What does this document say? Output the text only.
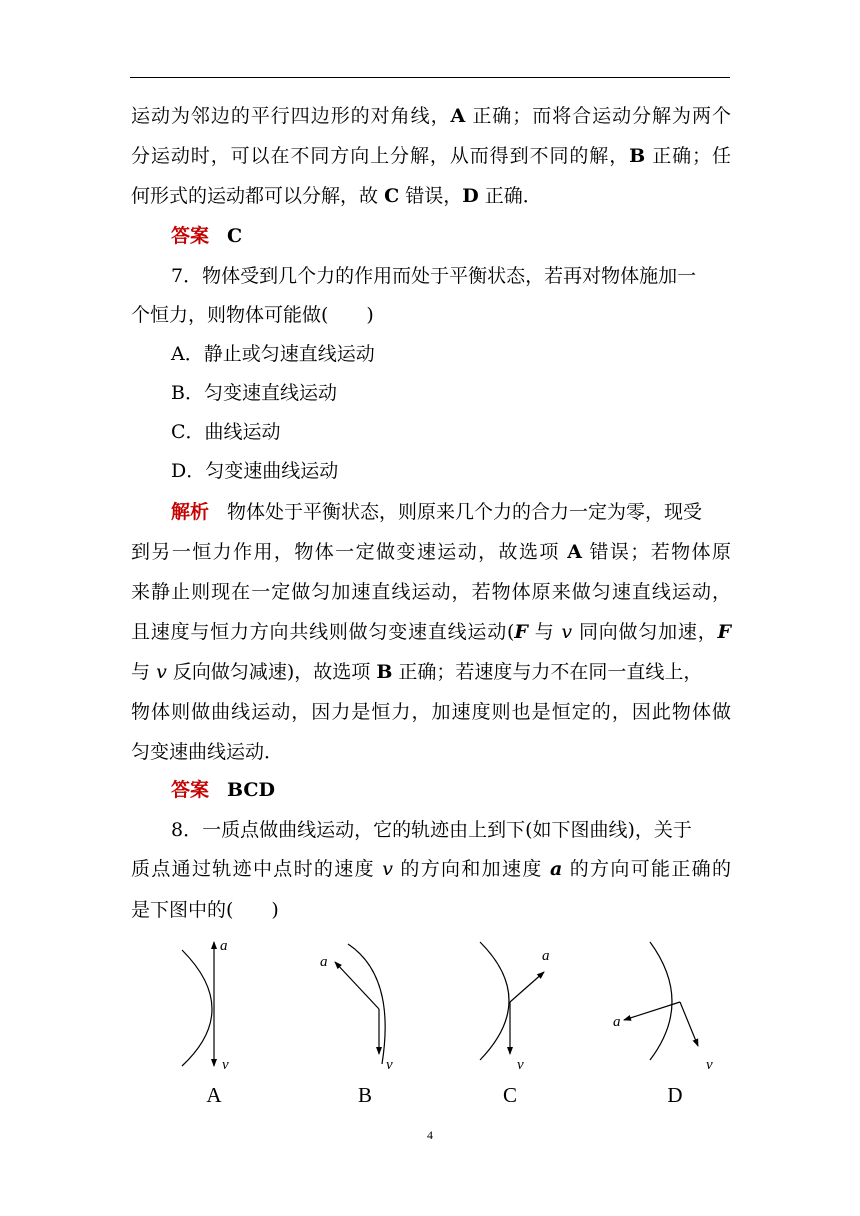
运动为邻边的平行四边形的对角线，A 正确；而将合运动分解为两个
分运动时，可以在不同方向上分解，从而得到不同的解，B 正确；任
何形式的运动都可以分解，故 C 错误，D 正确．
答案 C
7．物体受到几个力的作用而处于平衡状态，若再对物体施加一
个恒力，则物体可能做(　　)
A．静止或匀速直线运动
B．匀变速直线运动
C．曲线运动
D．匀变速曲线运动
解析 物体处于平衡状态，则原来几个力的合力一定为零，现受
到另一恒力作用，物体一定做变速运动，故选项 A 错误；若物体原
来静止则现在一定做匀加速直线运动，若物体原来做匀速直线运动，
且速度与恒力方向共线则做匀变速直线运动(F 与 v 同向做匀加速，F
与 v 反向做匀减速)，故选项 B 正确；若速度与力不在同一直线上，
物体则做曲线运动，因力是恒力，加速度则也是恒定的，因此物体做
匀变速曲线运动．
答案 BCD
8．一质点做曲线运动，它的轨迹由上到下(如下图曲线)，关于
质点通过轨迹中点时的速度 v 的方向和加速度 a 的方向可能正确的
是下图中的(　　)
a
v
a
v
a
v
a
v
A	B	C	D
4
